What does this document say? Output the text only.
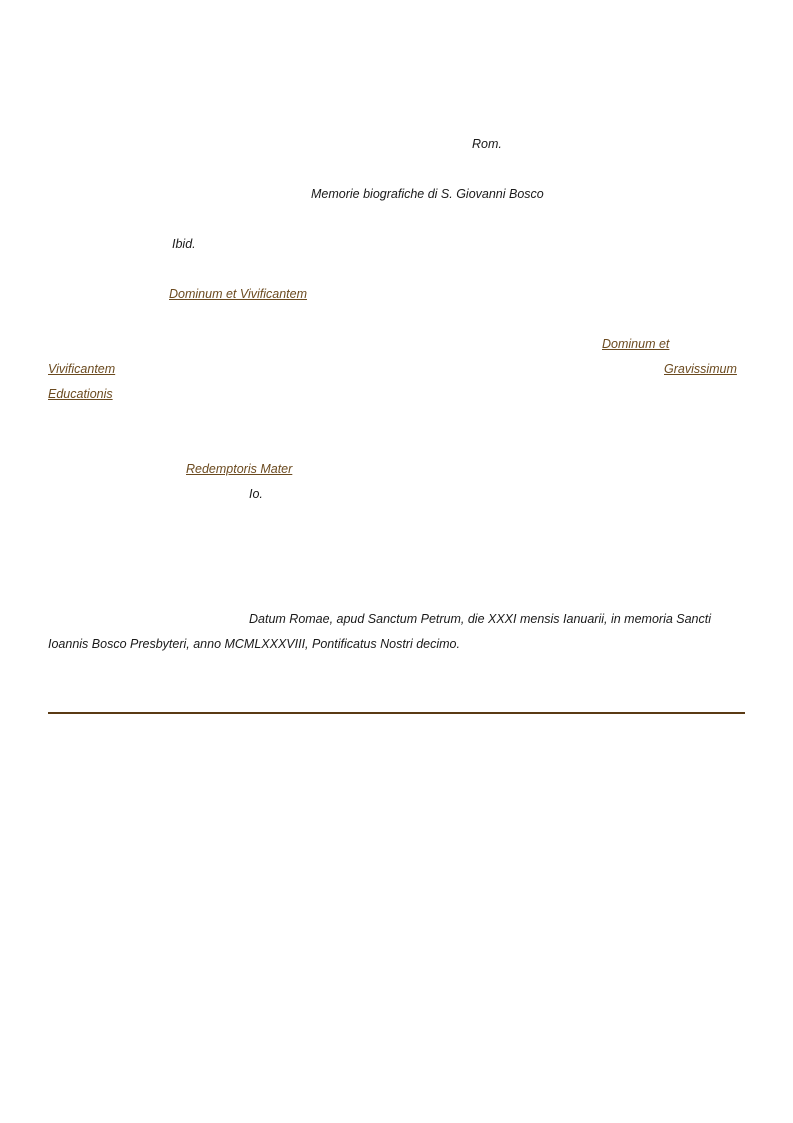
Rom.
Memorie biografiche di S. Giovanni Bosco
Ibid.
Dominum et Vivificantem
Dominum et
Vivificantem	Gravissimum
Educationis
Redemptoris Mater
Io.
Datum Romae, apud Sanctum Petrum, die XXXI mensis Ianuarii, in memoria Sancti
Ioannis Bosco Presbyteri, anno MCMLXXXVIII, Pontificatus Nostri decimo.
